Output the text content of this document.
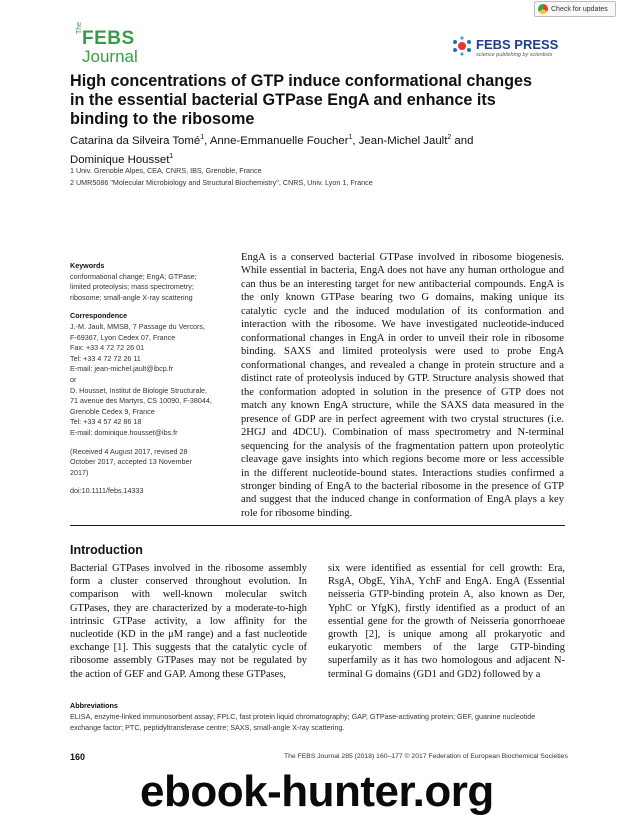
Check for updates
The
FEBS
Journal
FEBS PRESS
science publishing by scientists
High concentrations of GTP induce conformational changes in the essential bacterial GTPase EngA and enhance its binding to the ribosome
Catarina da Silveira Tomé$^1$, Anne-Emmanuelle Foucher$^1$, Jean-Michel Jault$^2$ and
Dominique Housset$^1$
1 Univ. Grenoble Alpes, CEA, CNRS, IBS, Grenoble, France
2 UMR5086 "Molecular Microbiology and Structural Biochemistry", CNRS, Univ. Lyon 1, France
Keywords
conformational change; EngA; GTPase;
limited proteolysis; mass spectrometry;
ribosome; small-angle X-ray scattering
Correspondence
J.-M. Jault, MMSB, 7 Passage du Vercors,
F-69367, Lyon Cedex 07, France
Fax: +33 4 72 72 26 01
Tel: +33 4 72 72 26 11
E-mail: jean-michel.jault@ibcp.fr
or
D. Housset, Institut de Biologie Structurale,
71 avenue des Martyrs, CS 10090, F-38044,
Grenoble Cedex 9, France
Tel: +33 4 57 42 86 18
E-mail: dominique.housset@ibs.fr
(Received 4 August 2017, revised 28
October 2017, accepted 13 November
2017)
doi:10.1111/febs.14333

EngA is a conserved bacterial GTPase involved in ribosome biogenesis. While essential in bacteria, EngA does not have any human orthologue and can thus be an interesting target for new antibacterial compounds. EngA is the only known GTPase bearing two G domains, making unique its catalytic cycle and the induced modulation of its conformation and interaction with the ribosome. We have investigated nucleotide-induced conformational changes in EngA in order to unveil their role in ribosome binding. SAXS and limited proteolysis were used to probe EngA conformational changes, and revealed a change in protein structure and a distinct rate of proteolysis induced by GTP. Structure analysis showed that the conformation adopted in solution in the presence of GTP does not match any known EngA structure, while the SAXS data measured in the presence of GDP are in perfect agreement with two crystal structures (i.e. 2HGJ and 4DCU). Combination of mass spectrometry and N-terminal sequencing for the analysis of the fragmentation pattern upon proteolytic cleavage gave insights into which regions become more or less accessible in the different nucleotide-bound states. Interactions studies confirmed a stronger binding of EngA to the bacterial ribosome in the presence of GTP and suggest that the induced change in conformation of EngA plays a key role for ribosome binding.

Introduction

Bacterial GTPases involved in the ribosome assembly form a cluster conserved throughout evolution. In comparison with well-known molecular switch GTPases, they are characterized by a moderate-to-high intrinsic GTPase activity, a low affinity for the nucleotide (KD in the μM range) and a fast nucleotide exchange [1]. This suggests that the catalytic cycle of ribosome assembly GTPases may not be regulated by the action of GEF and GAP. Among these GTPases,

six were identified as essential for cell growth: Era, RsgA, ObgE, YihA, YchF and EngA. EngA (Essential neisseria GTP-binding protein A, also known as Der, YphC or YfgK), firstly identified as a product of an essential gene for the growth of Neisseria gonorrhoeae growth [2], is unique among all prokaryotic and eukaryotic members of the large GTP-binding superfamily as it has two homologous and adjacent N-terminal G domains (GD1 and GD2) followed by a

Abbreviations
ELISA, enzyme-linked immunosorbent assay; FPLC, fast protein liquid chromatography; GAP, GTPase-activating protein; GEF, guanine nucleotide exchange factor; PTC, peptidyltransferase centre; SAXS, small-angle X-ray scattering.
160	The FEBS Journal 285 (2018) 160–177 © 2017 Federation of European Biochemical Societies
ebook-hunter.org
